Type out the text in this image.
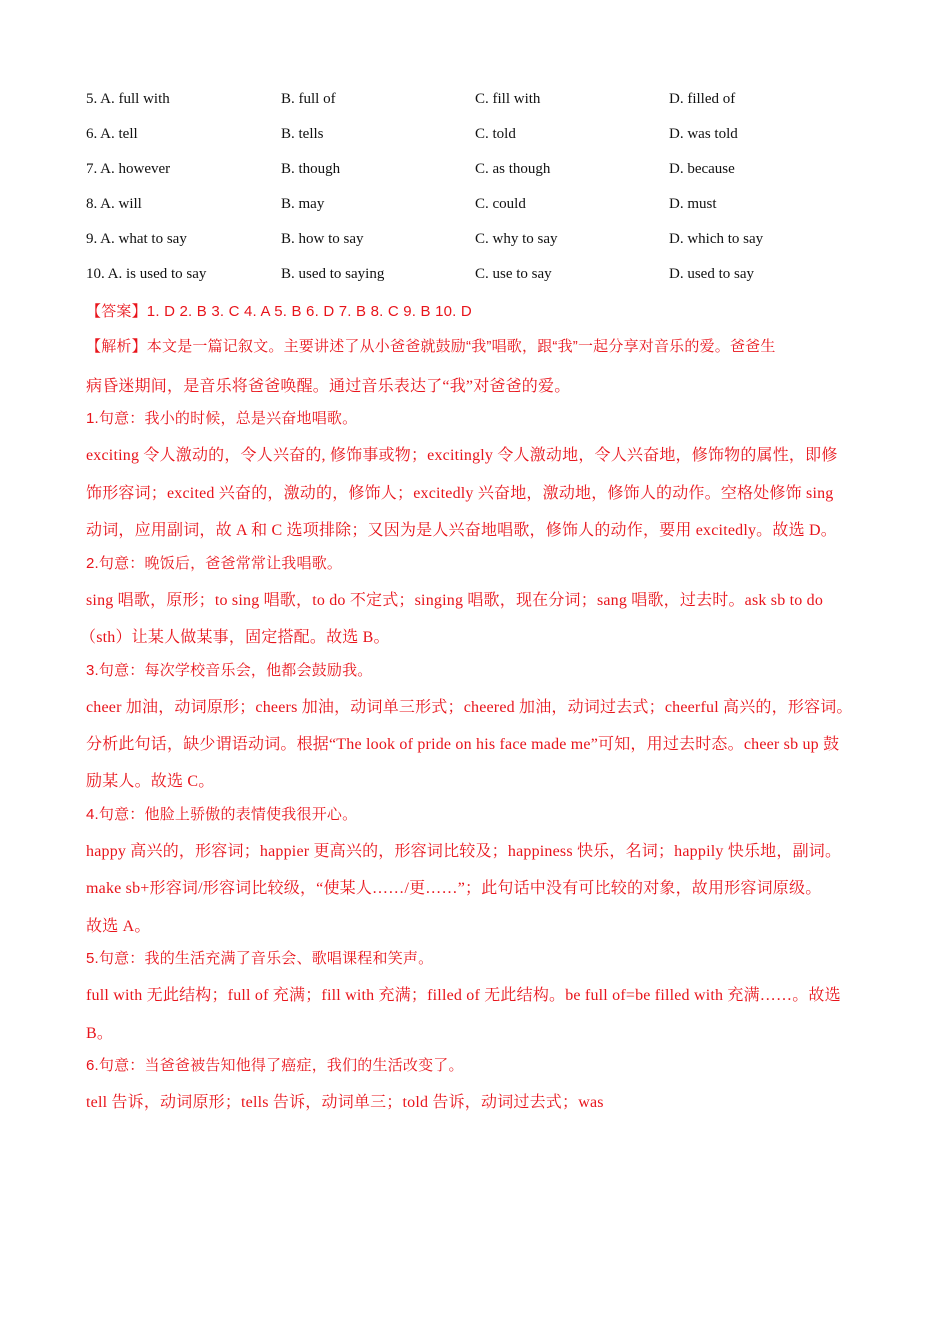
5. A. full with	B. full of	C. fill with	D. filled of
6. A. tell	B. tells	C. told	D. was told
7. A. however	B. though	C. as though	D. because
8. A. will	B. may	C. could	D. must
9. A. what to say	B. how to say	C. why to say	D. which to say
10. A. is used to say	B. used to saying	C. use to say	D. used to say
【答案】1. D 2. B 3. C 4. A 5. B 6. D 7. B 8. C 9. B 10. D
【解析】本文是一篇记叙文。主要讲述了从小爸爸就鼓励“我”唱歌，跟“我”一起分享对音乐的爱。爸爸生
病昏迷期间，是音乐将爸爸唤醒。通过音乐表达了“我”对爸爸的爱。
1.句意：我小的时候，总是兴奋地唱歌。
exciting 令人激动的，令人兴奋的, 修饰事或物；excitingly 令人激动地，令人兴奋地，修饰物的属性，即修
饰形容词；excited 兴奋的，激动的，修饰人；excitedly 兴奋地，激动地，修饰人的动作。空格处修饰 sing
动词，应用副词，故 A 和 C 选项排除；又因为是人兴奋地唱歌，修饰人的动作，要用 excitedly。故选 D。
2.句意：晚饭后，爸爸常常让我唱歌。
sing 唱歌，原形；to sing 唱歌，to do 不定式；singing 唱歌，现在分词；sang 唱歌，过去时。ask sb to do
（sth）让某人做某事，固定搭配。故选 B。
3.句意：每次学校音乐会，他都会鼓励我。
cheer 加油，动词原形；cheers 加油，动词单三形式；cheered 加油，动词过去式；cheerful 高兴的，形容词。
分析此句话，缺少谓语动词。根据“The look of pride on his face made me”可知，用过去时态。cheer sb up 鼓
励某人。故选 C。
4.句意：他脸上骄傲的表情使我很开心。
happy 高兴的，形容词；happier 更高兴的，形容词比较及；happiness 快乐，名词；happily 快乐地，副词。
make sb+形容词/形容词比较级，“使某人……/更……”；此句话中没有可比较的对象，故用形容词原级。
故选 A。
5.句意：我的生活充满了音乐会、歌唱课程和笑声。
full with 无此结构；full of 充满；fill with 充满；filled of 无此结构。be full of=be filled with 充满……。故选
B。
6.句意：当爸爸被告知他得了癌症，我们的生活改变了。
tell 告诉，动词原形；tells 告诉，动词单三；told 告诉，动词过去式；was
